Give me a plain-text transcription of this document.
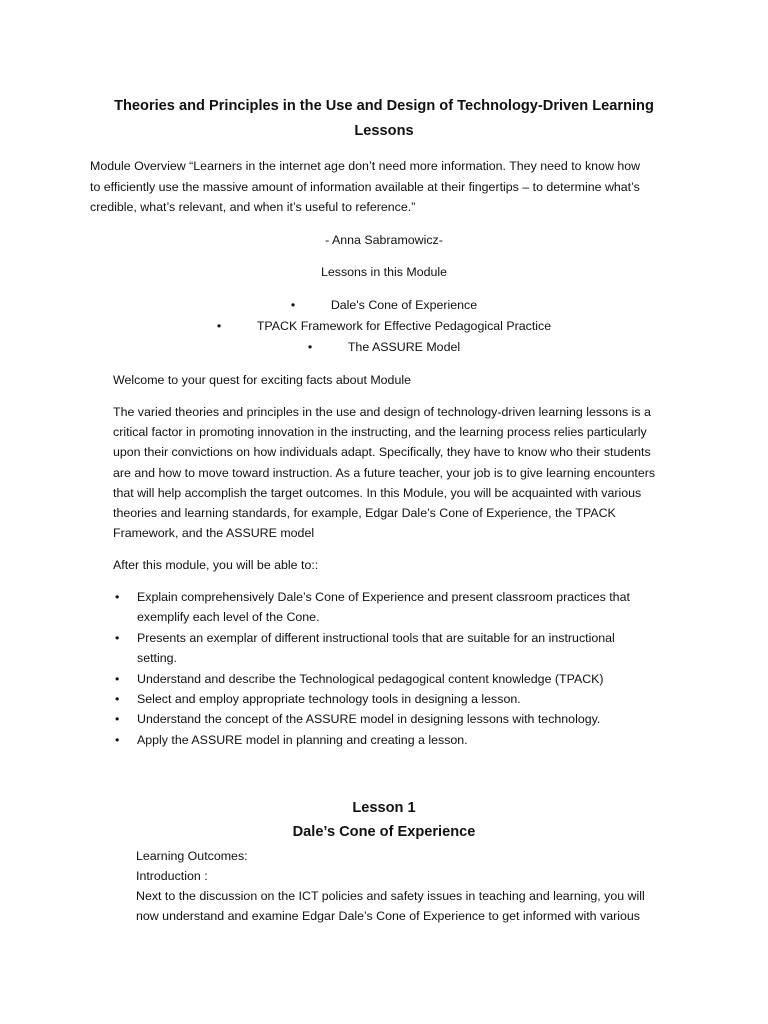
Theories and Principles in the Use and Design of Technology-Driven Learning
Lessons
Module Overview “Learners in the internet age don’t need more information. They need to know how
to efficiently use the massive amount of information available at their fingertips – to determine what’s
credible, what’s relevant, and when it’s useful to reference.”
- Anna Sabramowicz-
Lessons in this Module
•	Dale's Cone of Experience
•	TPACK Framework for Effective Pedagogical Practice
•	The ASSURE Model
Welcome to your quest for exciting facts about Module
The varied theories and principles in the use and design of technology-driven learning lessons is a
critical factor in promoting innovation in the instructing, and the learning process relies particularly
upon their convictions on how individuals adapt. Specifically, they have to know who their students
are and how to move toward instruction. As a future teacher, your job is to give learning encounters
that will help accomplish the target outcomes. In this Module, you will be acquainted with various
theories and learning standards, for example, Edgar Dale’s Cone of Experience, the TPACK
Framework, and the ASSURE model
After this module, you will be able to::
• Explain comprehensively Dale’s Cone of Experience and present classroom practices that
exemplify each level of the Cone.
• Presents an exemplar of different instructional tools that are suitable for an instructional
setting.
• Understand and describe the Technological pedagogical content knowledge (TPACK)
• Select and employ appropriate technology tools in designing a lesson.
• Understand the concept of the ASSURE model in designing lessons with technology.
• Apply the ASSURE model in planning and creating a lesson.
Lesson 1
Dale’s Cone of Experience
Learning Outcomes:
Introduction :
Next to the discussion on the ICT policies and safety issues in teaching and learning, you will
now understand and examine Edgar Dale’s Cone of Experience to get informed with various
